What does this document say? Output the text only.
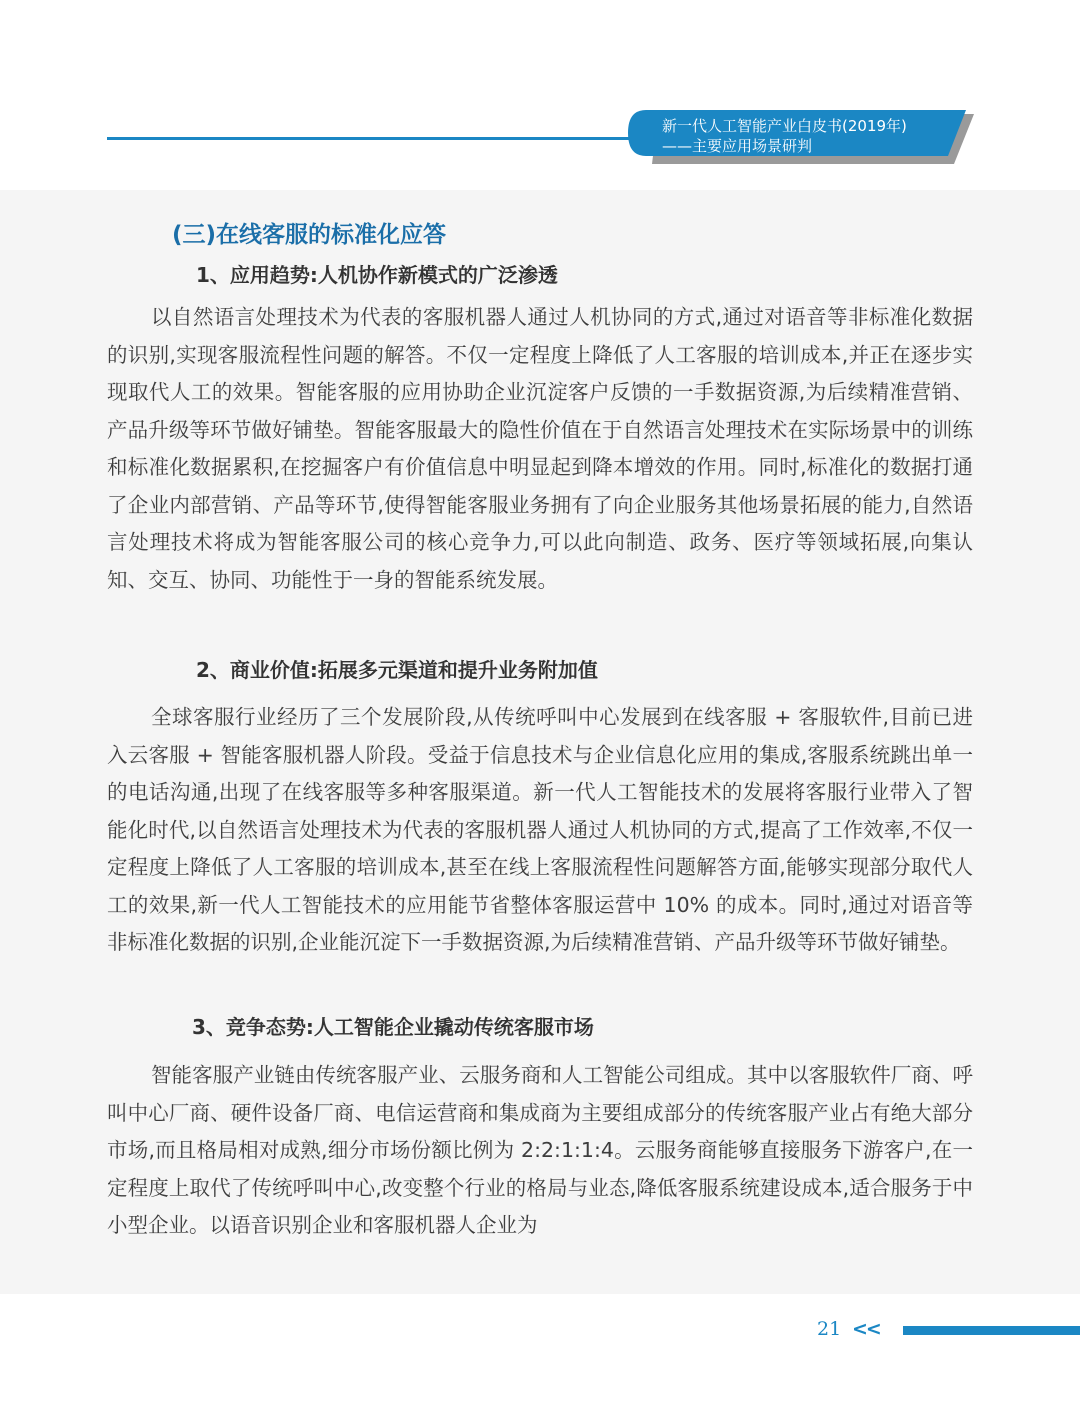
新一代人工智能产业白皮书(2019年)
——主要应用场景研判
(三)在线客服的标准化应答
1、应用趋势:人机协作新模式的广泛渗透

以自然语言处理技术为代表的客服机器人通过人机协同的方式,通过对语音等非标准化数据的识别,实现客服流程性问题的解答。不仅一定程度上降低了人工客服的培训成本,并正在逐步实现取代人工的效果。智能客服的应用协助企业沉淀客户反馈的一手数据资源,为后续精准营销、产品升级等环节做好铺垫。智能客服最大的隐性价值在于自然语言处理技术在实际场景中的训练和标准化数据累积,在挖掘客户有价值信息中明显起到降本增效的作用。同时,标准化的数据打通了企业内部营销、产品等环节,使得智能客服业务拥有了向企业服务其他场景拓展的能力,自然语言处理技术将成为智能客服公司的核心竞争力,可以此向制造、政务、医疗等领域拓展,向集认知、交互、协同、功能性于一身的智能系统发展。

2、商业价值:拓展多元渠道和提升业务附加值

全球客服行业经历了三个发展阶段,从传统呼叫中心发展到在线客服 + 客服软件,目前已进入云客服 + 智能客服机器人阶段。受益于信息技术与企业信息化应用的集成,客服系统跳出单一的电话沟通,出现了在线客服等多种客服渠道。新一代人工智能技术的发展将客服行业带入了智能化时代,以自然语言处理技术为代表的客服机器人通过人机协同的方式,提高了工作效率,不仅一定程度上降低了人工客服的培训成本,甚至在线上客服流程性问题解答方面,能够实现部分取代人工的效果,新一代人工智能技术的应用能节省整体客服运营中 10% 的成本。同时,通过对语音等非标准化数据的识别,企业能沉淀下一手数据资源,为后续精准营销、产品升级等环节做好铺垫。

3、竞争态势:人工智能企业撬动传统客服市场

智能客服产业链由传统客服产业、云服务商和人工智能公司组成。其中以客服软件厂商、呼叫中心厂商、硬件设备厂商、电信运营商和集成商为主要组成部分的传统客服产业占有绝大部分市场,而且格局相对成熟,细分市场份额比例为 2:2:1:1:4。云服务商能够直接服务下游客户,在一定程度上取代了传统呼叫中心,改变整个行业的格局与业态,降低客服系统建设成本,适合服务于中小型企业。以语音识别企业和客服机器人企业为

21 <<
